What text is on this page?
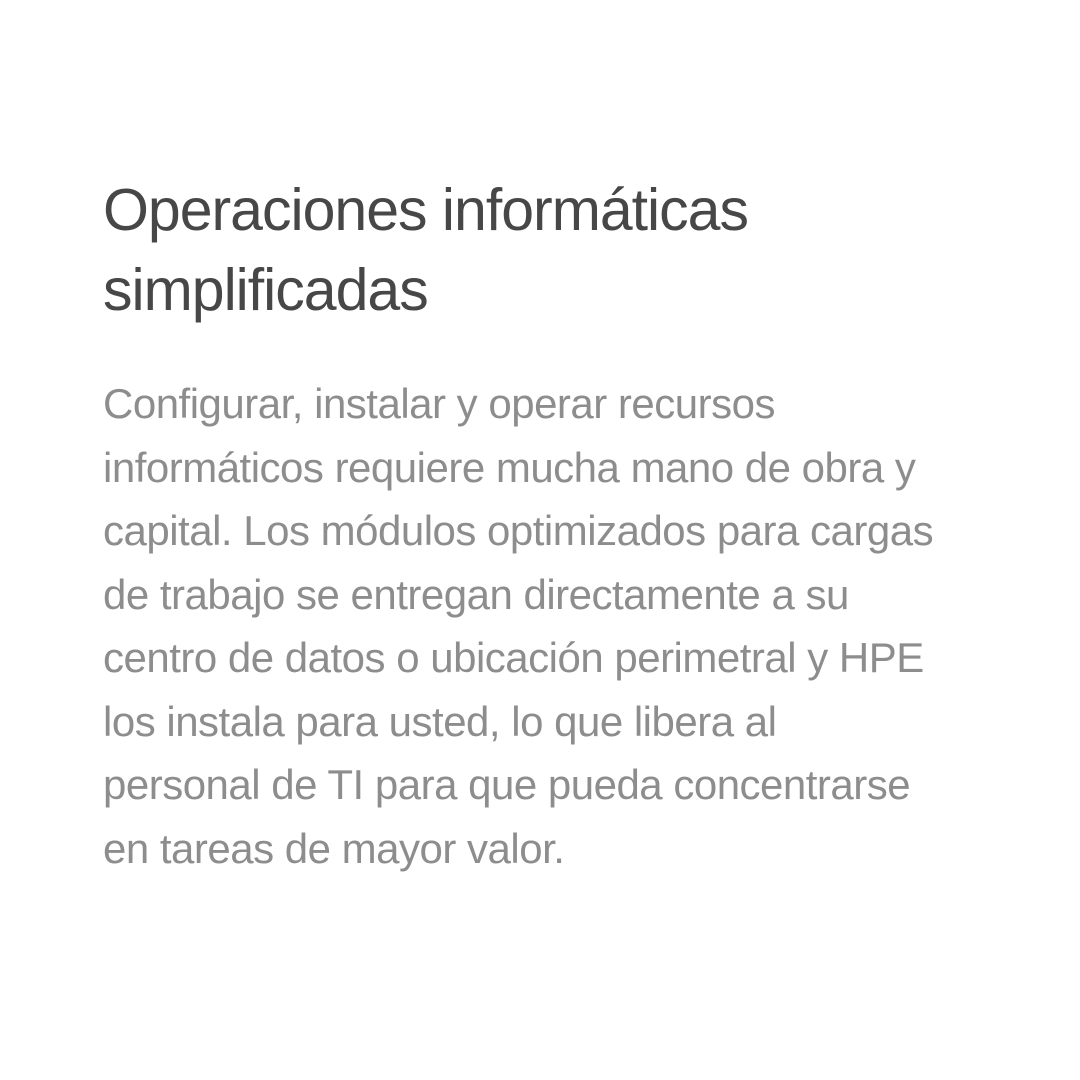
Operaciones informáticas
simplificadas

Configurar, instalar y operar recursos
informáticos requiere mucha mano de obra y
capital. Los módulos optimizados para cargas
de trabajo se entregan directamente a su
centro de datos o ubicación perimetral y HPE
los instala para usted, lo que libera al
personal de TI para que pueda concentrarse
en tareas de mayor valor.
